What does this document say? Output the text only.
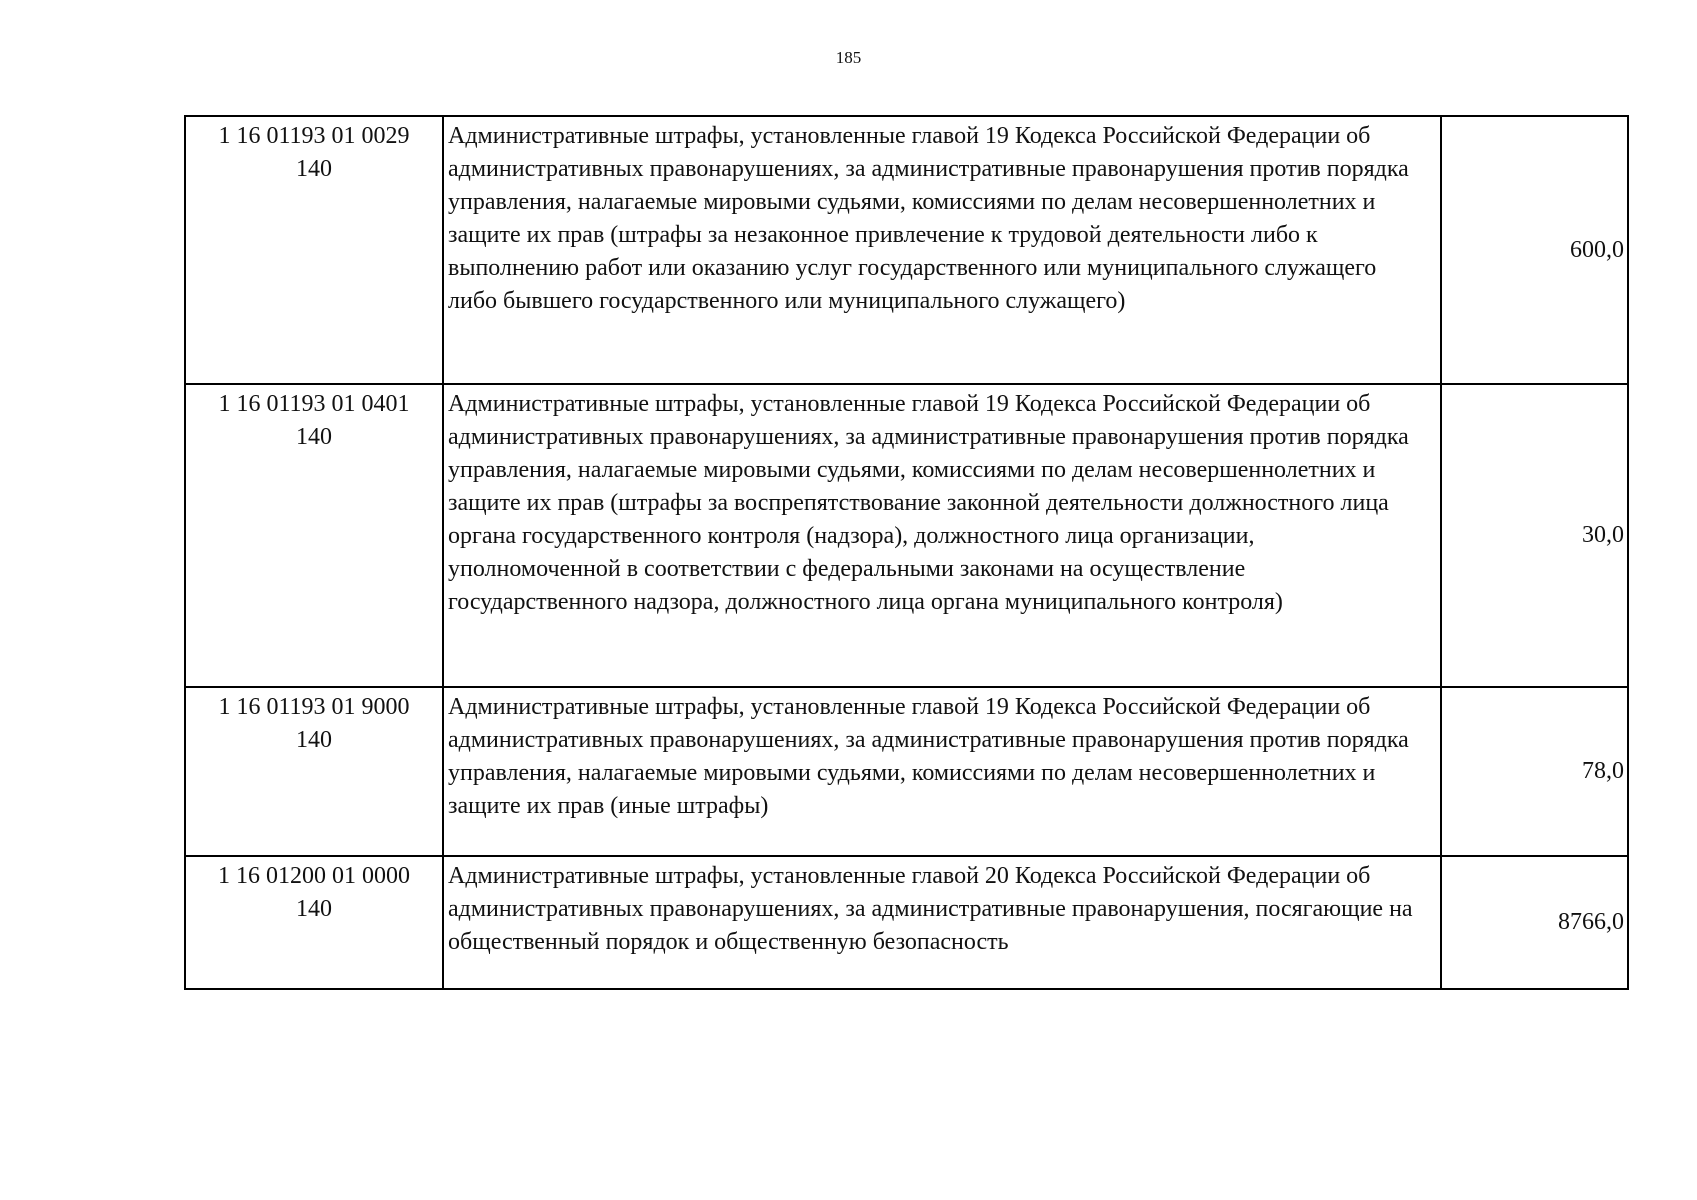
185
1 16 01193 01 0029
140	Административные штрафы, установленные главой 19 Кодекса Российской Федерации об административных правонарушениях, за административные правонарушения против порядка управления, налагаемые мировыми судьями, комиссиями по делам несовершеннолетних и защите их прав (штрафы за незаконное привлечение к трудовой деятельности либо к выполнению работ или оказанию услуг государственного или муниципального служащего либо бывшего государственного или муниципального служащего)	600,0

1 16 01193 01 0401
140	Административные штрафы, установленные главой 19 Кодекса Российской Федерации об административных правонарушениях, за административные правонарушения против порядка управления, налагаемые мировыми судьями, комиссиями по делам несовершеннолетних и защите их прав (штрафы за воспрепятствование законной деятельности должностного лица органа государственного контроля (надзора), должностного лица организации, уполномоченной в соответствии с федеральными законами на осуществление государственного надзора, должностного лица органа муниципального контроля)	30,0

1 16 01193 01 9000
140	Административные штрафы, установленные главой 19 Кодекса Российской Федерации об административных правонарушениях, за административные правонарушения против порядка управления, налагаемые мировыми судьями, комиссиями по делам несовершеннолетних и защите их прав (иные штрафы)	78,0

1 16 01200 01 0000
140	Административные штрафы, установленные главой 20 Кодекса Российской Федерации об административных правонарушениях, за административные правонарушения, посягающие на общественный порядок и общественную безопасность	8766,0
